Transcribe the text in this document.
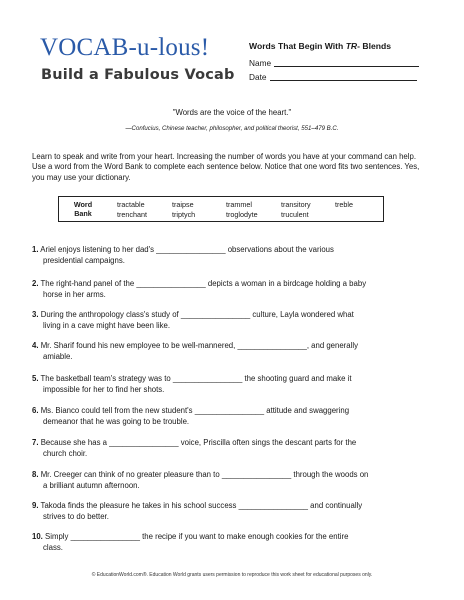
VOCAB-u-lous!
Build a Fabulous Vocab
Words That Begin With TR- Blends
Name
Date
"Words are the voice of the heart."
—Confucius, Chinese teacher, philosopher, and political theorist, 551–479 B.C.
Learn to speak and write from your heart. Increasing the number of words you have at your command can help. Use a word from the Word Bank to complete each sentence below. Notice that one word fits two sentences. Yes, you may use your dictionary.
Word
Bank
tractable	traipse	trammel	transitory	treble
trenchant	triptych	troglodyte	truculent
1. Ariel enjoys listening to her dad's ________________ observations about the various
presidential campaigns.
2. The right-hand panel of the ________________ depicts a woman in a birdcage holding a baby
horse in her arms.
3. During the anthropology class's study of ________________ culture, Layla wondered what
living in a cave might have been like.
4. Mr. Sharif found his new employee to be well-mannered, ________________, and generally
amiable.
5. The basketball team's strategy was to ________________ the shooting guard and make it
impossible for her to find her shots.
6. Ms. Bianco could tell from the new student's ________________ attitude and swaggering
demeanor that he was going to be trouble.
7. Because she has a ________________ voice, Priscilla often sings the descant parts for the
church choir.
8. Mr. Creeger can think of no greater pleasure than to ________________ through the woods on
a brilliant autumn afternoon.
9. Takoda finds the pleasure he takes in his school success ________________ and continually
strives to do better.
10. Simply ________________ the recipe if you want to make enough cookies for the entire
class.
© EducationWorld.com®. Education World grants users permission to reproduce this work sheet for educational purposes only.
